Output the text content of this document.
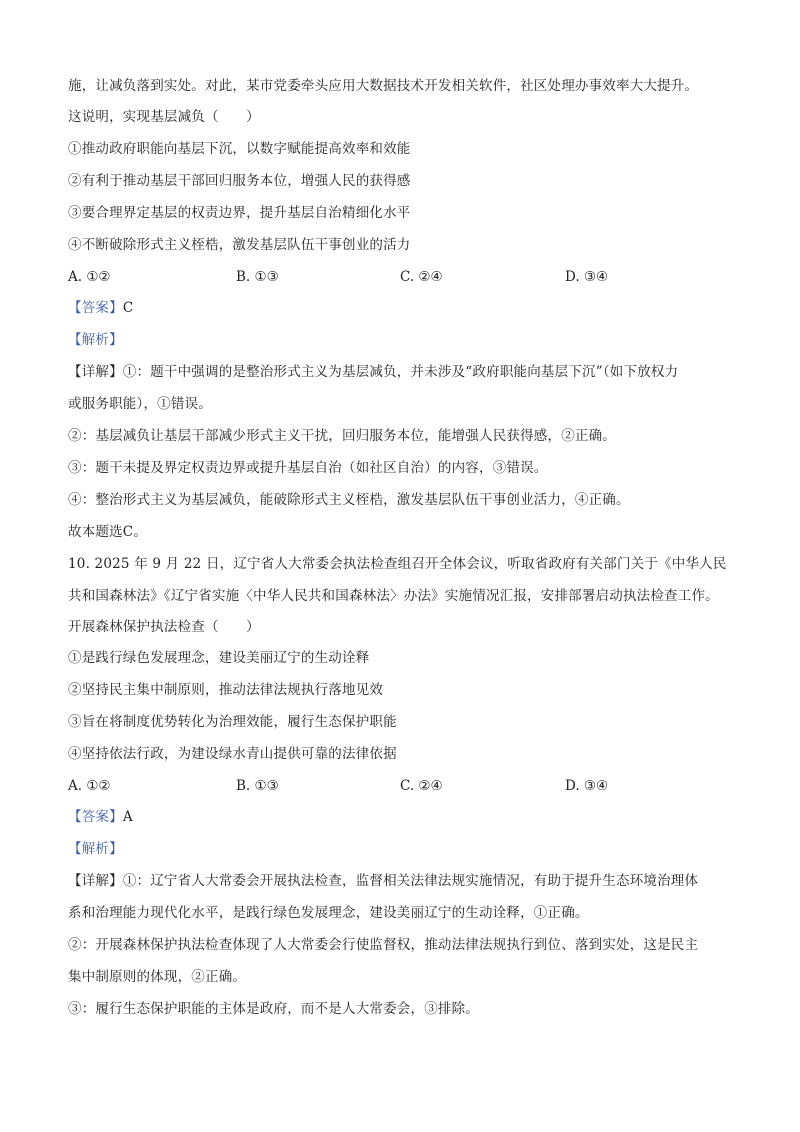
施，让减负落到实处。对此，某市党委牵头应用大数据技术开发相关软件，社区处理办事效率大大提升。
这说明，实现基层减负（　　）
①推动政府职能向基层下沉，以数字赋能提高效率和效能
②有利于推动基层干部回归服务本位，增强人民的获得感
③要合理界定基层的权责边界，提升基层自治精细化水平
④不断破除形式主义桎梏，激发基层队伍干事创业的活力
A. ①②	B. ①③	C. ②④	D. ③④
【答案】C
【解析】
【详解】①：题干中强调的是整治形式主义为基层减负，并未涉及“政府职能向基层下沉”（如下放权力
或服务职能），①错误。
②：基层减负让基层干部减少形式主义干扰，回归服务本位，能增强人民获得感，②正确。
③：题干未提及界定权责边界或提升基层自治（如社区自治）的内容，③错误。
④：整治形式主义为基层减负，能破除形式主义桎梏，激发基层队伍干事创业活力，④正确。
故本题选C。
10. 2025 年 9 月 22 日，辽宁省人大常委会执法检查组召开全体会议，听取省政府有关部门关于《中华人民
共和国森林法》《辽宁省实施〈中华人民共和国森林法〉办法》实施情况汇报，安排部署启动执法检查工作。
开展森林保护执法检查（　　）
①是践行绿色发展理念，建设美丽辽宁的生动诠释
②坚持民主集中制原则，推动法律法规执行落地见效
③旨在将制度优势转化为治理效能，履行生态保护职能
④坚持依法行政，为建设绿水青山提供可靠的法律依据
A. ①②	B. ①③	C. ②④	D. ③④
【答案】A
【解析】
【详解】①：辽宁省人大常委会开展执法检查，监督相关法律法规实施情况，有助于提升生态环境治理体
系和治理能力现代化水平，是践行绿色发展理念，建设美丽辽宁的生动诠释，①正确。
②：开展森林保护执法检查体现了人大常委会行使监督权，推动法律法规执行到位、落到实处，这是民主
集中制原则的体现，②正确。
③：履行生态保护职能的主体是政府，而不是人大常委会，③排除。
